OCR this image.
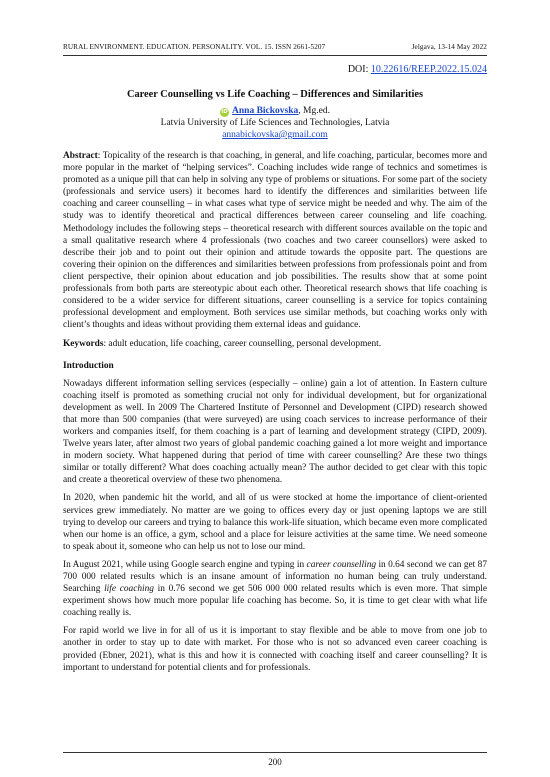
RURAL ENVIRONMENT. EDUCATION. PERSONALITY. VOL. 15. ISSN 2661-5207	Jelgava, 13-14 May 2022
DOI: 10.22616/REEP.2022.15.024
Career Counselling vs Life Coaching – Differences and Similarities
iD Anna Bickovska, Mg.ed.
Latvia University of Life Sciences and Technologies, Latvia
annabickovska@gmail.com

Abstract: Topicality of the research is that coaching, in general, and life coaching, particular, becomes more and more popular in the market of “helping services”. Coaching includes wide range of technics and sometimes is promoted as a unique pill that can help in solving any type of problems or situations. For some part of the society (professionals and service users) it becomes hard to identify the differences and similarities between life coaching and career counselling – in what cases what type of service might be needed and why. The aim of the study was to identify theoretical and practical differences between career counseling and life coaching. Methodology includes the following steps – theoretical research with different sources available on the topic and a small qualitative research where 4 professionals (two coaches and two career counsellors) were asked to describe their job and to point out their opinion and attitude towards the opposite part. The questions are covering their opinion on the differences and similarities between professions from professionals point and from client perspective, their opinion about education and job possibilities. The results show that at some point professionals from both parts are stereotypic about each other. Theoretical research shows that life coaching is considered to be a wider service for different situations, career counselling is a service for topics containing professional development and employment. Both services use similar methods, but coaching works only with client’s thoughts and ideas without providing them external ideas and guidance.

Keywords: adult education, life coaching, career counselling, personal development.

Introduction

Nowadays different information selling services (especially – online) gain a lot of attention. In Eastern culture coaching itself is promoted as something crucial not only for individual development, but for organizational development as well. In 2009 The Chartered Institute of Personnel and Development (CIPD) research showed that more than 500 companies (that were surveyed) are using coach services to increase performance of their workers and companies itself, for them coaching is a part of learning and development strategy (CIPD, 2009). Twelve years later, after almost two years of global pandemic coaching gained a lot more weight and importance in modern society. What happened during that period of time with career counselling? Are these two things similar or totally different? What does coaching actually mean? The author decided to get clear with this topic and create a theoretical overview of these two phenomena.

In 2020, when pandemic hit the world, and all of us were stocked at home the importance of client-oriented services grew immediately. No matter are we going to offices every day or just opening laptops we are still trying to develop our careers and trying to balance this work-life situation, which became even more complicated when our home is an office, a gym, school and a place for leisure activities at the same time. We need someone to speak about it, someone who can help us not to lose our mind.

In August 2021, while using Google search engine and typing in career counselling in 0.64 second we can get 87 700 000 related results which is an insane amount of information no human being can truly understand. Searching life coaching in 0.76 second we get 506 000 000 related results which is even more. That simple experiment shows how much more popular life coaching has become. So, it is time to get clear with what life coaching really is.

For rapid world we live in for all of us it is important to stay flexible and be able to move from one job to another in order to stay up to date with market. For those who is not so advanced even career coaching is provided (Ebner, 2021), what is this and how it is connected with coaching itself and career counselling? It is important to understand for potential clients and for professionals.

200
